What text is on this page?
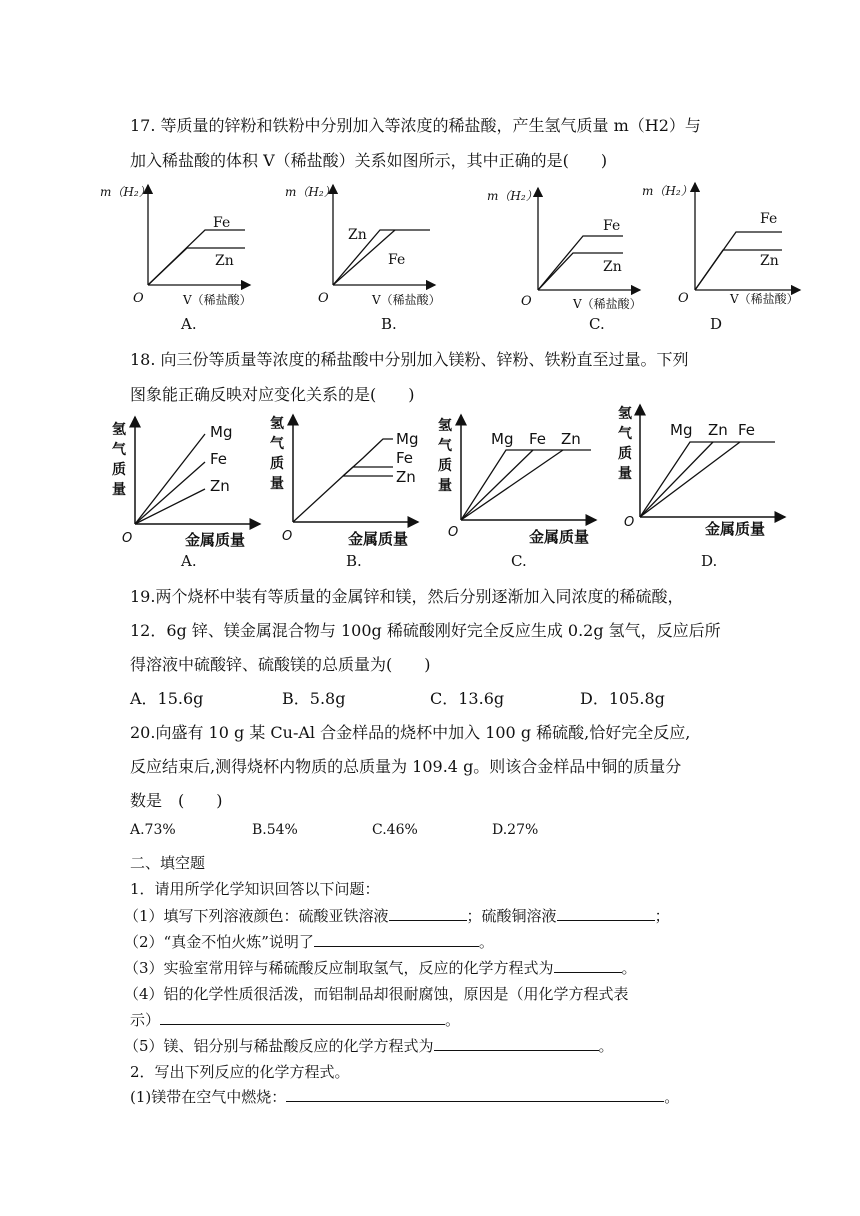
17. 等质量的锌粉和铁粉中分别加入等浓度的稀盐酸，产生氢气质量 m（H2）与
加入稀盐酸的体积 V（稀盐酸）关系如图所示，其中正确的是(　　)
m（H₂）
Fe
Zn
O	V（稀盐酸）
A.
m（H₂）
Zn
Fe
O	V（稀盐酸）
B.
m（H₂）
Fe
Zn
O	V（稀盐酸）
C.
m（H₂）
Fe
Zn
O	V（稀盐酸）
D
18. 向三份等质量等浓度的稀盐酸中分别加入镁粉、锌粉、铁粉直至过量。下列
图象能正确反映对应变化关系的是(　　)
氢
气
质
量
Mg
Fe
Zn
O	金属质量
A.
氢
气
质
量
Mg
Fe
Zn
O	金属质量
B.
氢
气
质
量
Mg Fe Zn
O	金属质量
C.
氢
气
质
量
Mg Zn Fe
O	金属质量
D.
19.两个烧杯中装有等质量的金属锌和镁，然后分别逐渐加入同浓度的稀硫酸，
12．6g 锌、镁金属混合物与 100g 稀硫酸刚好完全反应生成 0.2g 氢气，反应后所
得溶液中硫酸锌、硫酸镁的总质量为(　　)
A．15.6g	B．5.8g	C．13.6g	D．105.8g
20.向盛有 10 g 某 Cu-Al 合金样品的烧杯中加入 100 g 稀硫酸,恰好完全反应,
反应结束后,测得烧杯内物质的总质量为 109.4 g。则该合金样品中铜的质量分
数是　(　　)
A.73%	B.54%	C.46%	D.27%
二、填空题
1．请用所学化学知识回答以下问题：
（1）填写下列溶液颜色：硫酸亚铁溶液	；硫酸铜溶液	；
（2）“真金不怕火炼”说明了	。
（3）实验室常用锌与稀硫酸反应制取氢气，反应的化学方程式为	。
（4）铝的化学性质很活泼，而铝制品却很耐腐蚀，原因是（用化学方程式表
示）	。
（5）镁、铝分别与稀盐酸反应的化学方程式为	。
2．写出下列反应的化学方程式。
(1)镁带在空气中燃烧：	。
